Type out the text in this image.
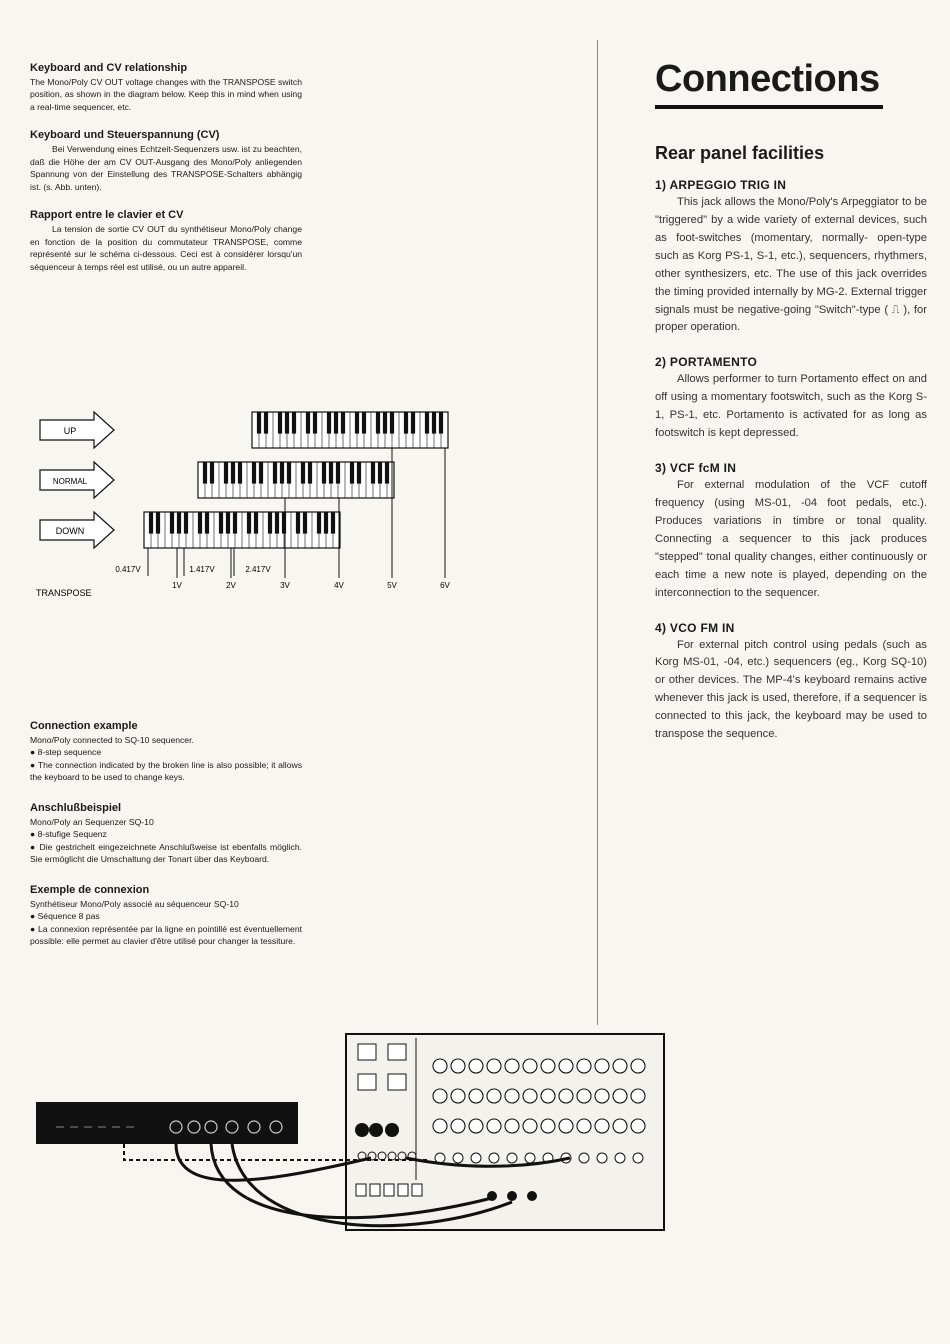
Keyboard and CV relationship

The Mono/Poly CV OUT voltage changes with the TRANSPOSE switch position, as shown in the diagram below. Keep this in mind when using a real-time sequencer, etc.

Keyboard und Steuerspannung (CV)

Bei Verwendung eines Echtzeit-Sequenzers usw. ist zu beachten, daß die Höhe der am CV OUT-Ausgang des Mono/Poly anliegenden Spannung von der Einstellung des TRANSPOSE-Schalters abhängig ist. (s. Abb. unten).

Rapport entre le clavier et CV

La tension de sortie CV OUT du synthétiseur Mono/Poly change en fonction de la position du commutateur TRANSPOSE, comme représenté sur le schéma ci-dessous. Ceci est à considérer lorsqu'un séquenceur à temps réel est utilisé, ou un autre appareil.

UP
NORMAL
DOWN
TRANSPOSE
0.417V	1.417V	2.417V
1V	2V	3V	4V	5V	6V
Connection example

Mono/Poly connected to SQ-10 sequencer.

● 8-step sequence

● The connection indicated by the broken line is also possible; it allows the keyboard to be used to change keys.

Anschlußbeispiel

Mono/Poly an Sequenzer SQ-10

● 8-stufige Sequenz

● Die gestrichelt eingezeichnete Anschlußweise ist ebenfalls möglich. Sie ermöglicht die Umschaltung der Tonart über das Keyboard.

Exemple de connexion

Synthétiseur Mono/Poly associé au séquenceur SQ-10

● Séquence 8 pas

● La connexion représentée par la ligne en pointillé est éventuellement possible: elle permet au clavier d'être utilisé pour changer la tessiture.

Connections
Rear panel facilities
1) ARPEGGIO TRIG IN

This jack allows the Mono/Poly's Arpeggiator to be "triggered" by a wide variety of external devices, such as foot-switches (momentary, normally- open-type such as Korg PS-1, S-1, etc.), sequencers, rhythmers, other synthesizers, etc. The use of this jack overrides the timing provided internally by MG-2. External trigger signals must be negative-going "Switch"-type ( ⎍ ), for proper operation.

2) PORTAMENTO

Allows performer to turn Portamento effect on and off using a momentary footswitch, such as the Korg S-1, PS-1, etc. Portamento is activated for as long as footswitch is kept depressed.

3) VCF fcM IN

For external modulation of the VCF cutoff frequency (using MS-01, -04 foot pedals, etc.). Produces variations in timbre or tonal quality. Connecting a sequencer to this jack produces "stepped" tonal quality changes, either continuously or each time a new note is played, depending on the interconnection to the sequencer.

4) VCO FM IN

For external pitch control using pedals (such as Korg MS-01, -04, etc.) sequencers (eg., Korg SQ-10) or other devices. The MP-4's keyboard remains active whenever this jack is used, therefore, if a sequencer is connected to this jack, the keyboard may be used to transpose the sequence.
